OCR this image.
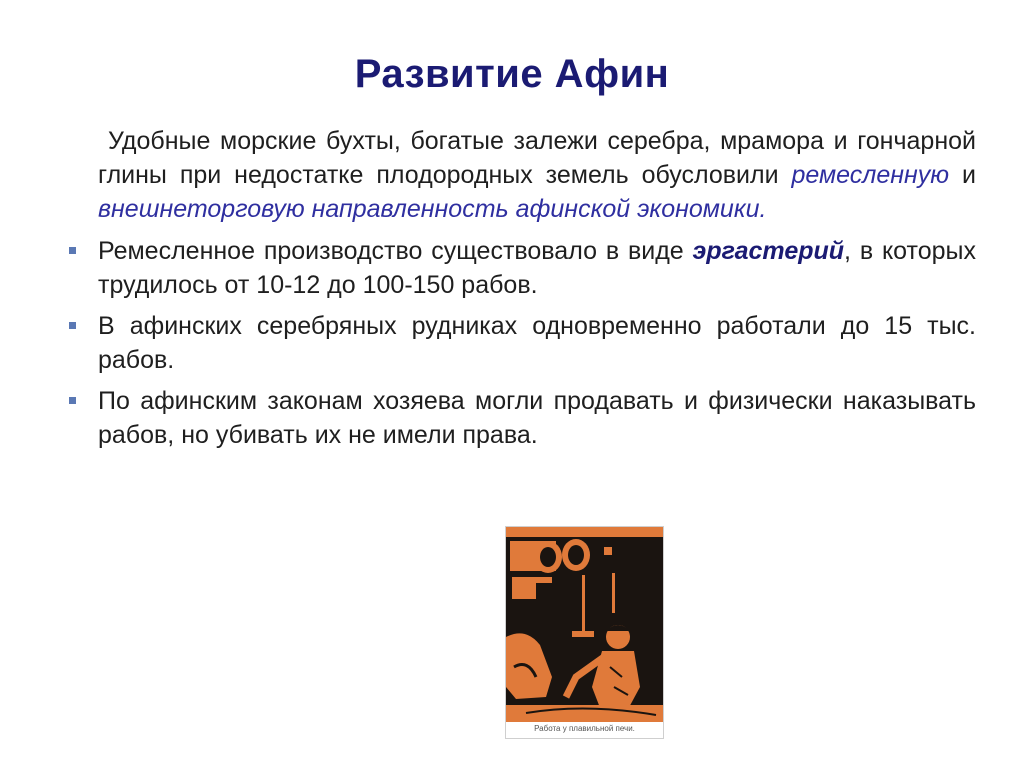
Развитие Афин

Удобные морские бухты, богатые залежи серебра, мрамора и гончарной глины при недостатке плодородных земель обусловили ремесленную и внешнеторговую направленность афинской экономики.

Ремесленное производство существовало в виде эргастерий, в которых трудилось от 10-12 до 100-150 рабов.
В афинских серебряных рудниках одновременно работали до 15 тыс. рабов.
По афинским законам хозяева могли продавать и физически наказывать рабов, но убивать их не имели права.
Работа у плавильной печи.
